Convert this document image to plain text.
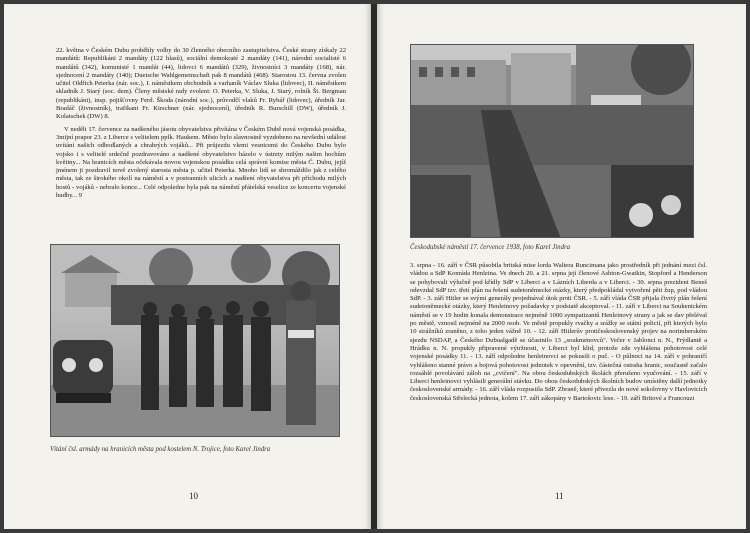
22. května v Českém Dubu proběhly volby do 30 členného obecního zastupitelstva. České strany získaly 22 mandátů: Republikáni 2 mandáty (122 hlasů), sociální demokraté 2 mandáty (141), národní socialisté 6 mandátů (342), komunisté 1 mandát (44), lidovci 6 mandátů (329), živnostníci 3 mandáty (168), nár. sjednocení 2 mandáty (140); Duetsche Wahlgemeinschaft pak 8 mandátů (468). Starostou 13. června zvolen učitel Oldřich Peterka (nár. soc.), I. náměstkem obchodník a varhaník Václav Sluka (lidovec), II. náměstkem skladník J. Starý (soc. dem). Členy městské rady zvoleni: O. Peterka, V. Sluka, J. Starý, rolník Št. Bergman (republikáni), insp. pojišťovny Ferd. Škoda (národní soc.), průvodčí vlaků Fr. Rybář (lidovec), úředník Jar. Bradáč (živnostník), trafikant Fr. Kirschner (nár. sjednocení), úředník R. Burschill (DW), úředník J. Kolatschek (DW) 8.

V neděli 17. července za nadšeného jásotu obyvatelstva přivítána v Českém Dubě nová vojenská posádka, 3mijní prapor 23. z Liberce s velitelem pplk. Haukem. Město bylo slavnostně vyzdobeno na nevšední událost uvítání našich odhodlaných a chrabrých vojáků... Při průjezdu vlemi vesnicemi do Českého Dubu bylo vojsko i s velitelé srdečně pozdravováno a nadšené obyvatelstvo házelo v ústrety milým našim hochům květiny... Na hranicích města očekávala novou vojenskou posádku celá správní komise města Č. Dubu, jejíž jménem ji pozdravil nově zvolený starosta města p. učitel Peterka. Mnoho lidí se shromáždilo jak z celého města, tak ze širokého okolí na náměstí a v postranních ulicích a nadšení obyvatelstva při příchodu milých hostů - vojáků - nebralo konce... Celé odpoledne byla pak na náměstí přátelská veselice ze koncertu vojenské hudby... 9

Vítání čsl. armády na hranicích města pod kostelem N. Trojice, foto Karel Jindra
10
Českodubské náměstí 17. července 1938, foto Karel Jindra

3. srpna - 16. září v ČSR působila britská mise lorda Waltera Runcimana jako prostředník při jednání mezi čsl. vládou a SdP Konráda Henleina. Ve dnech 20. a 21. srpna její členové Ashton-Gwatkin, Stopford a Henderson se pohybovali výlučně pod křídly SdP v Liberci a v Lázních Liberda a v Liberci. - 30. srpna prezident Beneš odevzdal SdP tzv. třetí plán na řešení sudetoněmecké otázky, který předpokládal vytvoření pěti žup, pod vládou SdP. - 3. září Hitler se svými generály projednával útok proti ČSR. - 5. září vláda ČSR přijala čtvrtý plán řešení sudetoněmecké otázky, který Henleinovy požadavky v podstatě akceptoval. - 11. září v Liberci na Soukenickém náměstí se v 19 hodin konala demonstrace nejméně 1000 sympatizantů Henleinovy strany a jak se dav přeléval po městě, vznosil nejméně na 2000 osob. Ve městě propukly rvačky a srážky se státní policií, při kterých bylo 10 strážníků zraněno, z toho jeden vážně 10. - 12. září Hitlerův protičeskoslovenský projev na norimberském sjezdu NSDAP, a Českého Dubualgadě se účastnilo 13 „soukmenovců". Večer v Jablonci n. N., Frýdlantě a Hrádku n. N. propukly připravené výtržnosti, v Liberci byl klid, protože zde vyhlášena pohotovost celé vojenské posádky 11. - 13. září odpoledne henleinovci se pokusili o puč. - O půlnoci na 14. září v pohraničí vyhlášeno stanné právo a bojová pohotovost jednotek v opevnění, tzv. částečná ostraha hranic, současně začalo rozsáhlé povolávání záloh na „cvičení". Na obou českodubských školách přerušeno vyučování. - 15. září v Liberci henleinovci vyhlásili generální stávku. Do obou českodubských školních budov umístěny další jednotky československé armády. - 16. září vláda rozpustila SdP. Zbraně, které přivezla do nové sokolovny v Havlovicích československá Střelecká jednota, kolem 17. září zákopány v Bartošovic lese. - 19. září Britové a Francouzi

11
